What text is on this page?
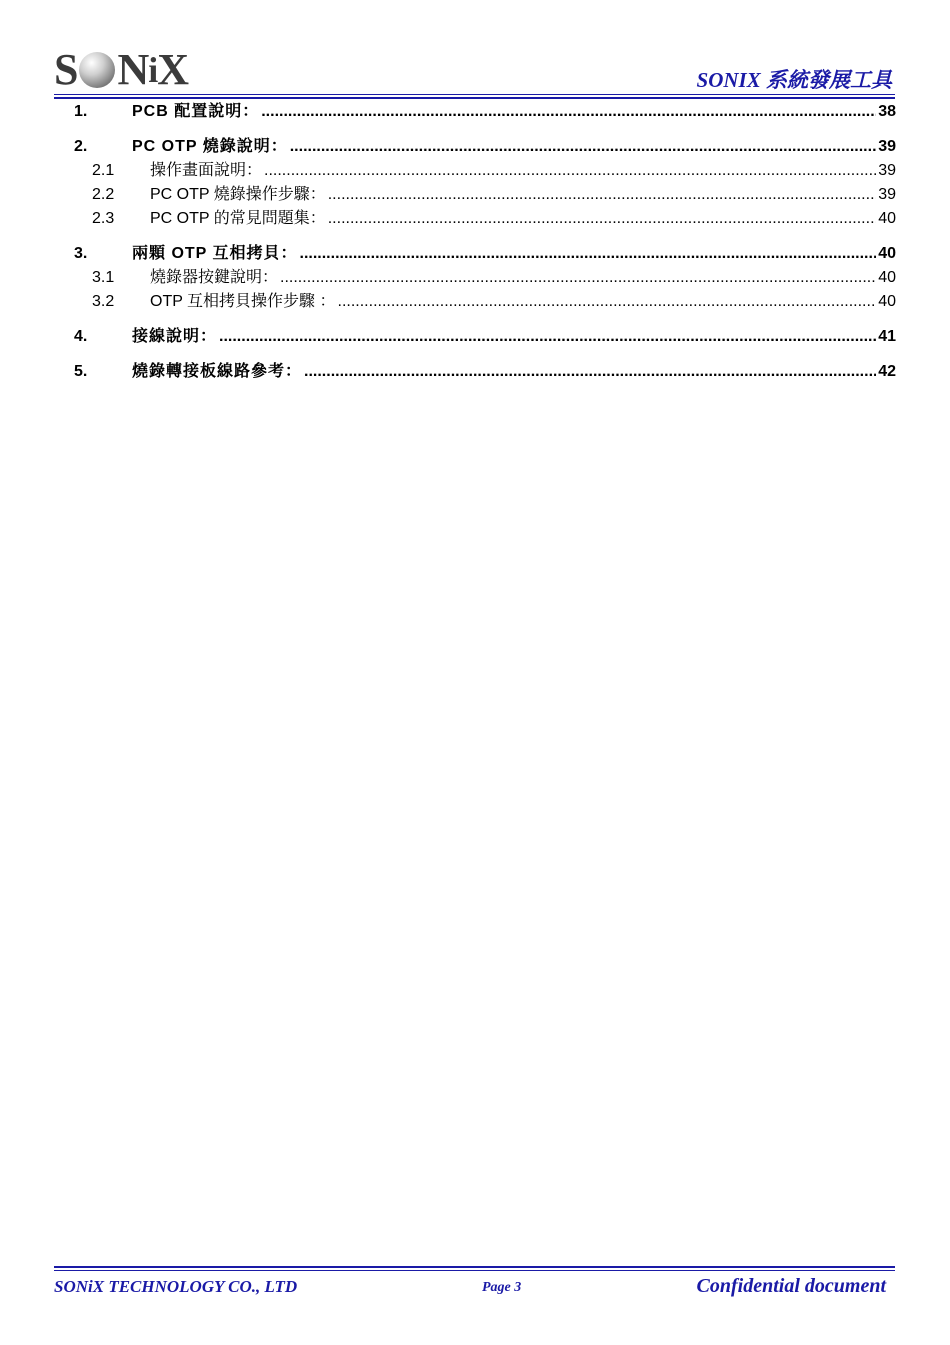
S N i X	SONIX 系統發展工具
1.	PCB 配置說明： .....	38
2.	PC OTP 燒錄說明： .....	39
2.1	操作畫面說明： .....	39
2.2	PC OTP 燒錄操作步驟： .....	39
2.3	PC OTP 的常見問題集： .....	40
3.	兩顆 OTP 互相拷貝： .....	40
3.1	燒錄器按鍵說明： .....	40
3.2	OTP 互相拷貝操作步驟 ： .....	40
4.	接線說明： .....	41
5.	燒錄轉接板線路參考： .....	42
SONiX TECHNOLOGY CO., LTD	Page 3	Confidential document
